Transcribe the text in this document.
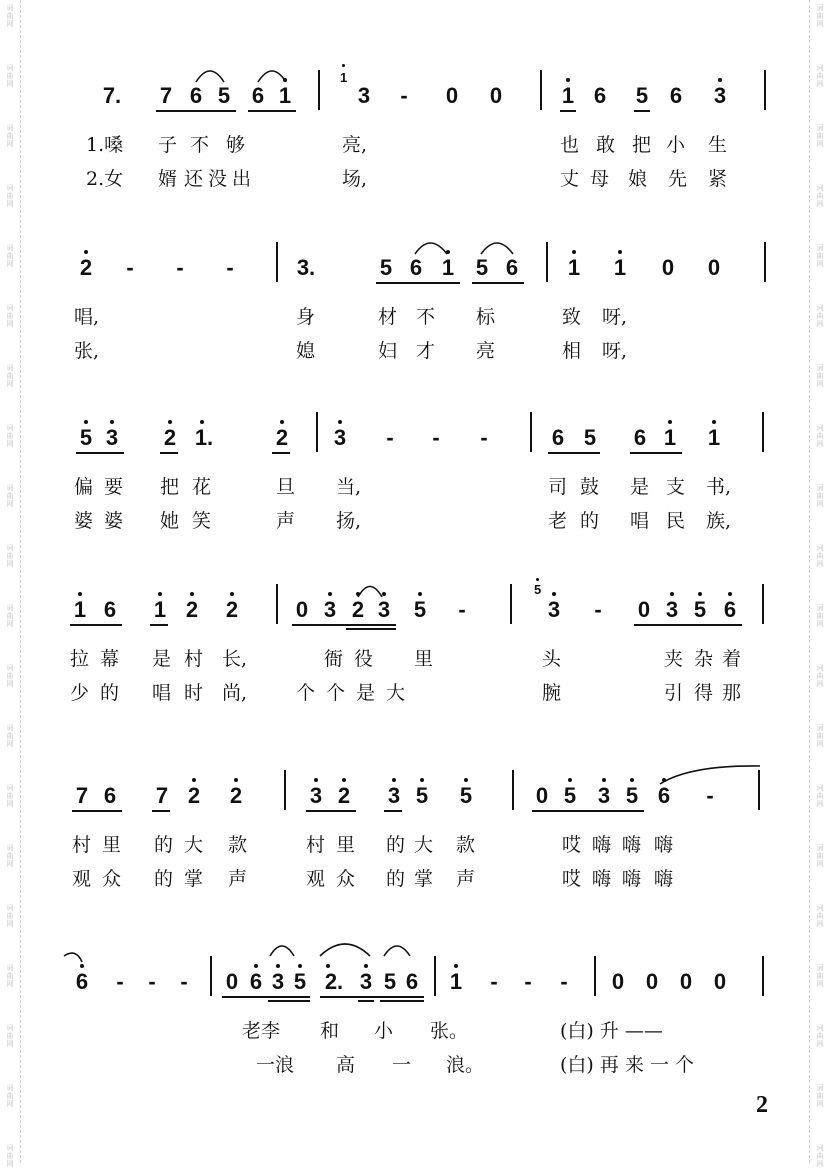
词
曲
网
词
曲
网
词
曲
网
词
曲
网
词
曲
网
词
曲
网
词
曲
网
词
曲
网
词
曲
网
词
曲
网
词
曲
网
词
曲
网
词
曲
网
词
曲
网
词
曲
网
词
曲
网
词
曲
网
词
曲
网
词
曲
网
词
曲
网
词
曲
网
词
曲
网
词
曲
网
词
曲
网
词
曲
网
词
曲
网
词
曲
网
词
曲
网
词
曲
网
词
曲
网
词
曲
网
词
曲
网
词
曲
网
词
曲
网
词
曲
网
词
曲
网
词
曲
网
词
曲
网
词
曲
网
词
曲
网
7. 7 6 5 6 1
1
3 - 0 0	1 6 5 6 3
1.嗓 子 不 够	亮,	也 敢 把 小 生
2.女 婿 还 没 出	场,	丈 母 娘 先 紧
2 - - -	3.	5 6 1 5 6 1 1 0 0
唱,	身	材 不 标	致 呀,
张,	媳	妇 才 亮	相 呀,
5 3 2 1.	2 3 - - -	6 5 6 1 1
偏 要 把 花	旦 当,	司 鼓 是 支 书,
婆 婆 她 笑	声 扬,	老 的 唱 民 族,
1 6 1 2 2	0 3 2 3 5 -
5
3 - 0 3 5 6
拉 幕 是 村 长,	衙 役 里	头	夹 杂 着
少 的 唱 时 尚,	个 个 是 大	腕	引 得 那
7 6 7 2 2	3 2 3 5 5	0 5 3 5 6 -
村 里 的 大 款	村 里 的 大 款	哎 嗨 嗨 嗨
观 众 的 掌 声	观 众 的 掌 声	哎 嗨 嗨 嗨
6 - - - 0 6 3 5 2. 3 5 6 1 - - - 0 0 0 0
老李 和 小 张。	(白) 升 ——
一浪 高 一 浪。	(白) 再 来 一 个
2
